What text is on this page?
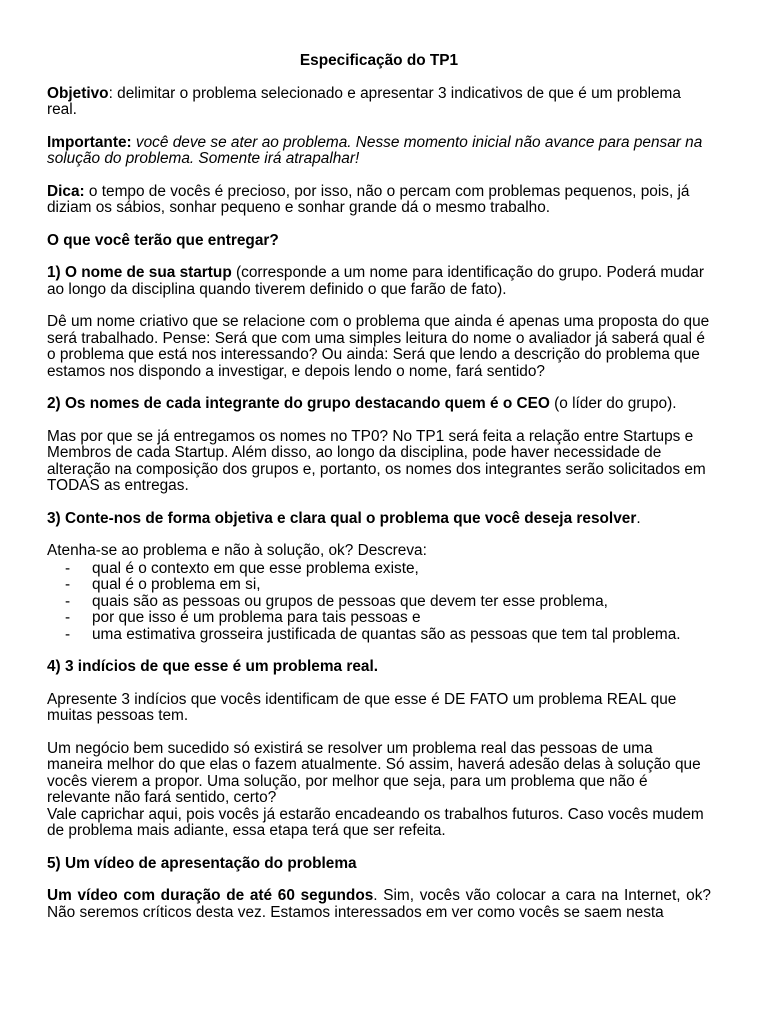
Especificação do TP1

Objetivo: delimitar o problema selecionado e apresentar 3 indicativos de que é um problema real.

Importante: você deve se ater ao problema. Nesse momento inicial não avance para pensar na solução do problema. Somente irá atrapalhar!

Dica: o tempo de vocês é precioso, por isso, não o percam com problemas pequenos, pois, já diziam os sábios, sonhar pequeno e sonhar grande dá o mesmo trabalho.

O que você terão que entregar?

1) O nome de sua startup (corresponde a um nome para identificação do grupo. Poderá mudar ao longo da disciplina quando tiverem definido o que farão de fato).

Dê um nome criativo que se relacione com o problema que ainda é apenas uma proposta do que será trabalhado. Pense: Será que com uma simples leitura do nome o avaliador já saberá qual é o problema que está nos interessando? Ou ainda: Será que lendo a descrição do problema que estamos nos dispondo a investigar, e depois lendo o nome, fará sentido?

2) Os nomes de cada integrante do grupo destacando quem é o CEO (o líder do grupo).

Mas por que se já entregamos os nomes no TP0? No TP1 será feita a relação entre Startups e Membros de cada Startup. Além disso, ao longo da disciplina, pode haver necessidade de alteração na composição dos grupos e, portanto, os nomes dos integrantes serão solicitados em TODAS as entregas.

3) Conte-nos de forma objetiva e clara qual o problema que você deseja resolver.

Atenha-se ao problema e não à solução, ok? Descreva:

- qual é o contexto em que esse problema existe,
- qual é o problema em si,
- quais são as pessoas ou grupos de pessoas que devem ter esse problema,
- por que isso é um problema para tais pessoas e
- uma estimativa grosseira justificada de quantas são as pessoas que tem tal problema.

4) 3 indícios de que esse é um problema real.

Apresente 3 indícios que vocês identificam de que esse é DE FATO um problema REAL que muitas pessoas tem.

Um negócio bem sucedido só existirá se resolver um problema real das pessoas de uma maneira melhor do que elas o fazem atualmente. Só assim, haverá adesão delas à solução que vocês vierem a propor. Uma solução, por melhor que seja, para um problema que não é relevante não fará sentido, certo?

Vale caprichar aqui, pois vocês já estarão encadeando os trabalhos futuros. Caso vocês mudem de problema mais adiante, essa etapa terá que ser refeita.

5) Um vídeo de apresentação do problema

Um vídeo com duração de até 60 segundos. Sim, vocês vão colocar a cara na Internet, ok? Não seremos críticos desta vez. Estamos interessados em ver como vocês se saem nesta
